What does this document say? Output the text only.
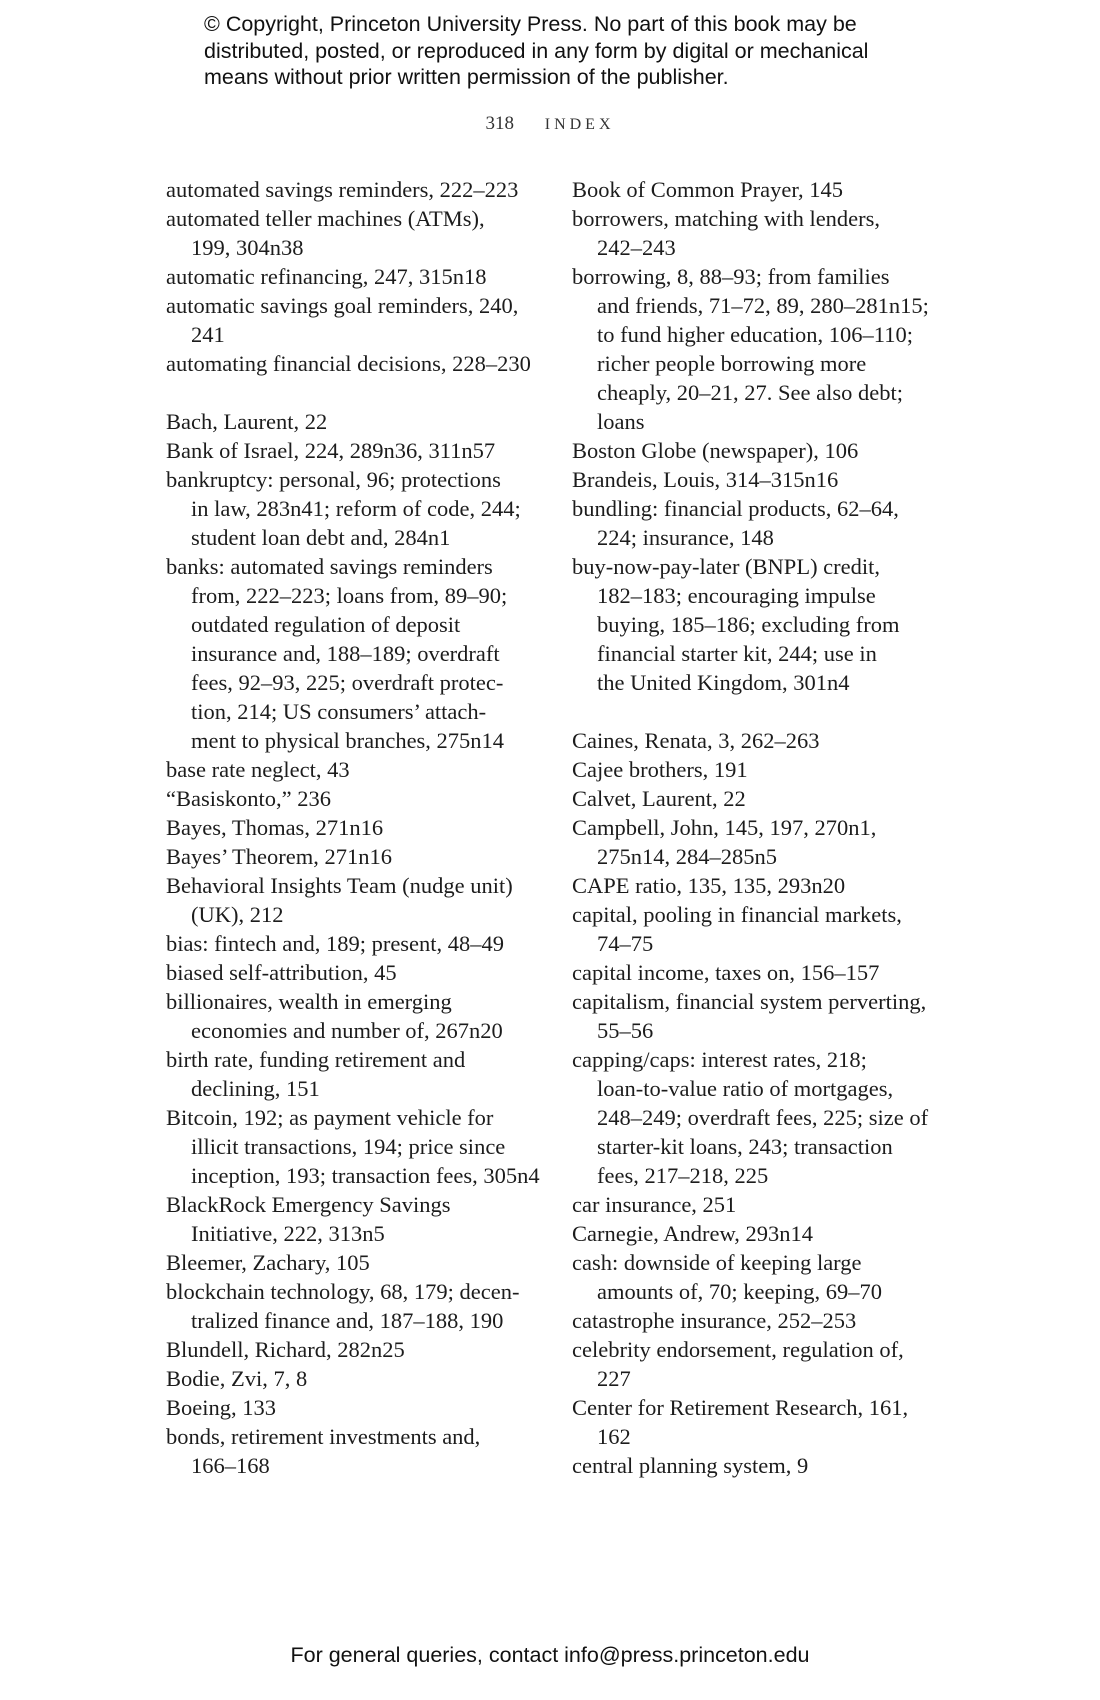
© Copyright, Princeton University Press. No part of this book may be
distributed, posted, or reproduced in any form by digital or mechanical
means without prior written permission of the publisher.
318 INDEX
automated savings reminders, 222–223
automated teller machines (ATMs),
199, 304n38
automatic refinancing, 247, 315n18
automatic savings goal reminders, 240,
241
automating financial decisions, 228–230
Bach, Laurent, 22
Bank of Israel, 224, 289n36, 311n57
bankruptcy: personal, 96; protections
in law, 283n41; reform of code, 244;
student loan debt and, 284n1
banks: automated savings reminders
from, 222–223; loans from, 89–90;
outdated regulation of deposit
insurance and, 188–189; overdraft
fees, 92–93, 225; overdraft protec-
tion, 214; US consumers’ attach-
ment to physical branches, 275n14
base rate neglect, 43
“Basiskonto,” 236
Bayes, Thomas, 271n16
Bayes’ Theorem, 271n16
Behavioral Insights Team (nudge unit)
(UK), 212
bias: fintech and, 189; present, 48–49
biased self-attribution, 45
billionaires, wealth in emerging
economies and number of, 267n20
birth rate, funding retirement and
declining, 151
Bitcoin, 192; as payment vehicle for
illicit transactions, 194; price since
inception, 193; transaction fees, 305n4
BlackRock Emergency Savings
Initiative, 222, 313n5
Bleemer, Zachary, 105
blockchain technology, 68, 179; decen-
tralized finance and, 187–188, 190
Blundell, Richard, 282n25
Bodie, Zvi, 7, 8
Boeing, 133
bonds, retirement investments and,
166–168
Book of Common Prayer, 145
borrowers, matching with lenders,
242–243
borrowing, 8, 88–93; from families
and friends, 71–72, 89, 280–281n15;
to fund higher education, 106–110;
richer people borrowing more
cheaply, 20–21, 27. See also debt;
loans
Boston Globe (newspaper), 106
Brandeis, Louis, 314–315n16
bundling: financial products, 62–64,
224; insurance, 148
buy-now-pay-later (BNPL) credit,
182–183; encouraging impulse
buying, 185–186; excluding from
financial starter kit, 244; use in
the United Kingdom, 301n4
Caines, Renata, 3, 262–263
Cajee brothers, 191
Calvet, Laurent, 22
Campbell, John, 145, 197, 270n1,
275n14, 284–285n5
CAPE ratio, 135, 135, 293n20
capital, pooling in financial markets,
74–75
capital income, taxes on, 156–157
capitalism, financial system perverting,
55–56
capping/caps: interest rates, 218;
loan-to-value ratio of mortgages,
248–249; overdraft fees, 225; size of
starter-kit loans, 243; transaction
fees, 217–218, 225
car insurance, 251
Carnegie, Andrew, 293n14
cash: downside of keeping large
amounts of, 70; keeping, 69–70
catastrophe insurance, 252–253
celebrity endorsement, regulation of,
227
Center for Retirement Research, 161,
162
central planning system, 9
For general queries, contact info@press.princeton.edu
